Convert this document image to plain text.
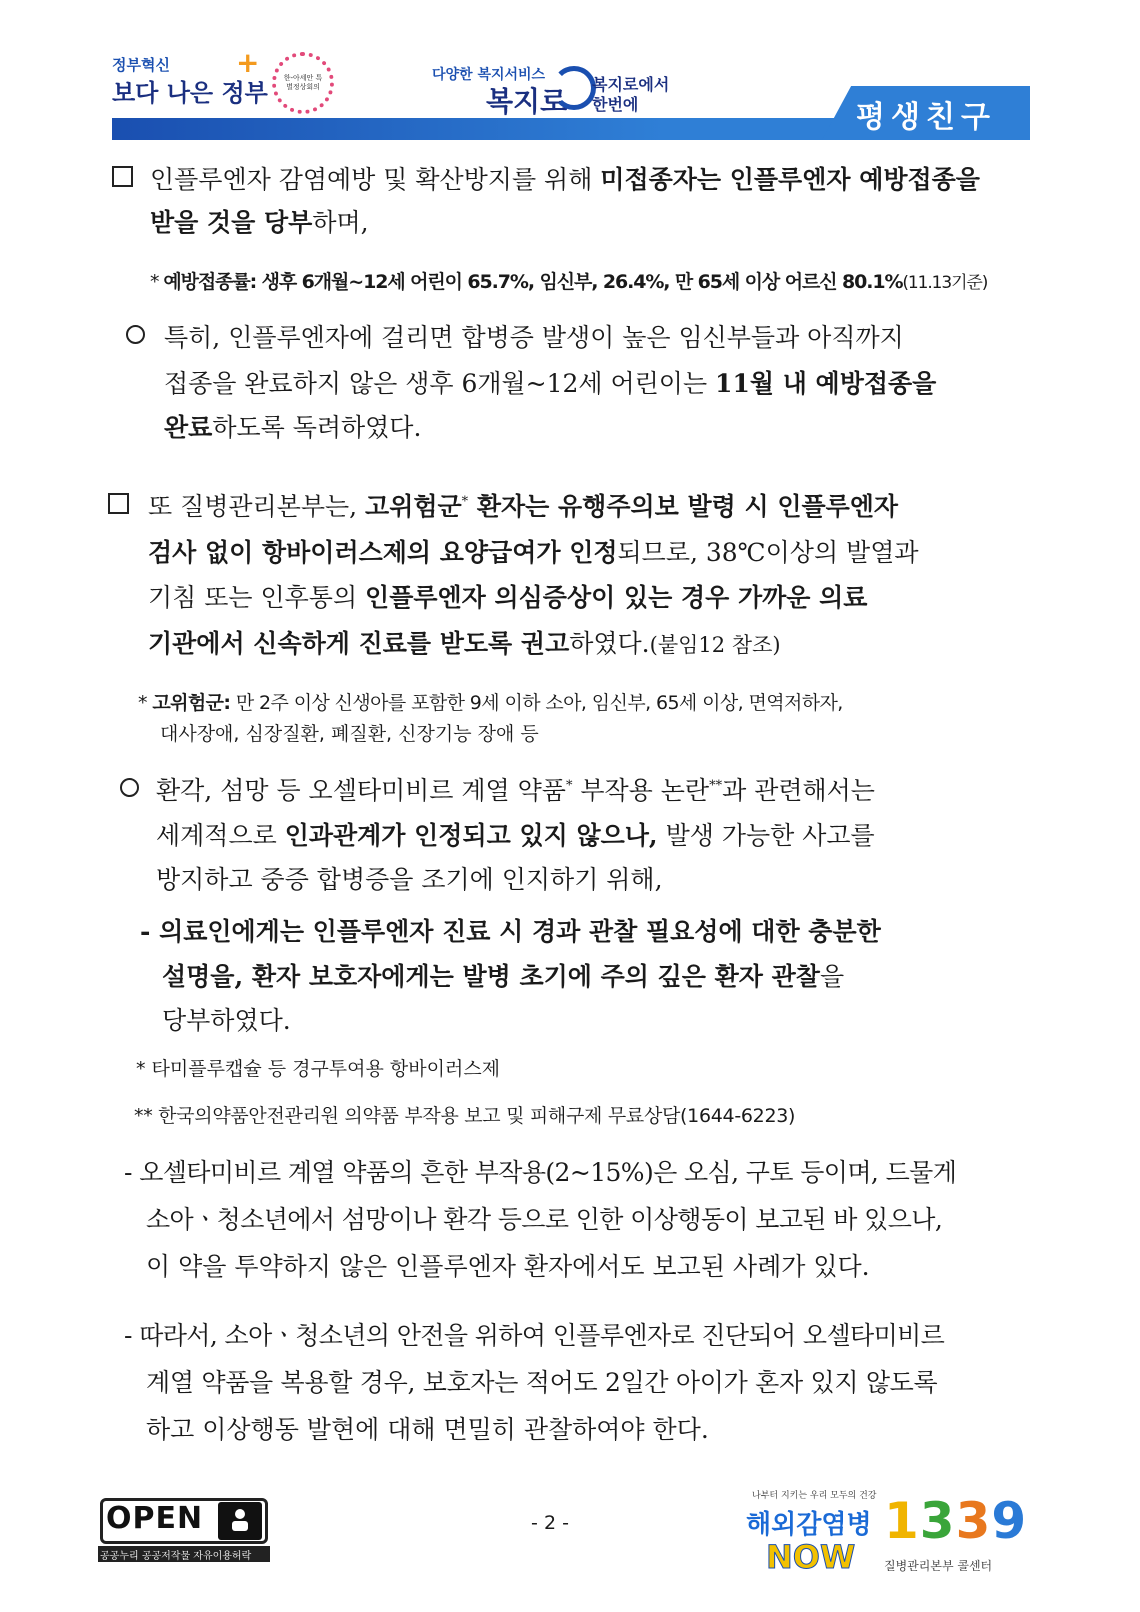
정부혁신
보다 나은 정부
+	한-아세안 특별정상회의
다양한 복지서비스
복지로
복지로에서
한번에	평생친구
인플루엔자 감염예방 및 확산방지를 위해 미접종자는 인플루엔자 예방접종을
받을 것을 당부하며,
* 예방접종률: 생후 6개월~12세 어린이 65.7%, 임신부, 26.4%, 만 65세 이상 어르신 80.1%(11.13기준)
특히, 인플루엔자에 걸리면 합병증 발생이 높은 임신부들과 아직까지
접종을 완료하지 않은 생후 6개월~12세 어린이는 11월 내 예방접종을
완료하도록 독려하였다.
또 질병관리본부는, 고위험군* 환자는 유행주의보 발령 시 인플루엔자
검사 없이 항바이러스제의 요양급여가 인정되므로, 38℃이상의 발열과
기침 또는 인후통의 인플루엔자 의심증상이 있는 경우 가까운 의료
기관에서 신속하게 진료를 받도록 권고하였다.(붙임12 참조)
* 고위험군: 만 2주 이상 신생아를 포함한 9세 이하 소아, 임신부, 65세 이상, 면역저하자,
대사장애, 심장질환, 폐질환, 신장기능 장애 등
환각, 섬망 등 오셀타미비르 계열 약품* 부작용 논란**과 관련해서는
세계적으로 인과관계가 인정되고 있지 않으나, 발생 가능한 사고를
방지하고 중증 합병증을 조기에 인지하기 위해,
- 의료인에게는 인플루엔자 진료 시 경과 관찰 필요성에 대한 충분한
설명을, 환자 보호자에게는 발병 초기에 주의 깊은 환자 관찰을
당부하였다.
* 타미플루캡슐 등 경구투여용 항바이러스제
** 한국의약품안전관리원 의약품 부작용 보고 및 피해구제 무료상담(1644-6223)
- 오셀타미비르 계열 약품의 흔한 부작용(2~15%)은 오심, 구토 등이며, 드물게
소아ㆍ청소년에서 섬망이나 환각 등으로 인한 이상행동이 보고된 바 있으나,
이 약을 투약하지 않은 인플루엔자 환자에서도 보고된 사례가 있다.
- 따라서, 소아ㆍ청소년의 안전을 위하여 인플루엔자로 진단되어 오셀타미비르
계열 약품을 복용할 경우, 보호자는 적어도 2일간 아이가 혼자 있지 않도록
하고 이상행동 발현에 대해 면밀히 관찰하여야 한다.
OPEN
공공누리 공공저작물 자유이용허락
- 2 -
나부터 지키는 우리 모두의 건강
해외감염병
NOW
1339
질병관리본부 콜센터
